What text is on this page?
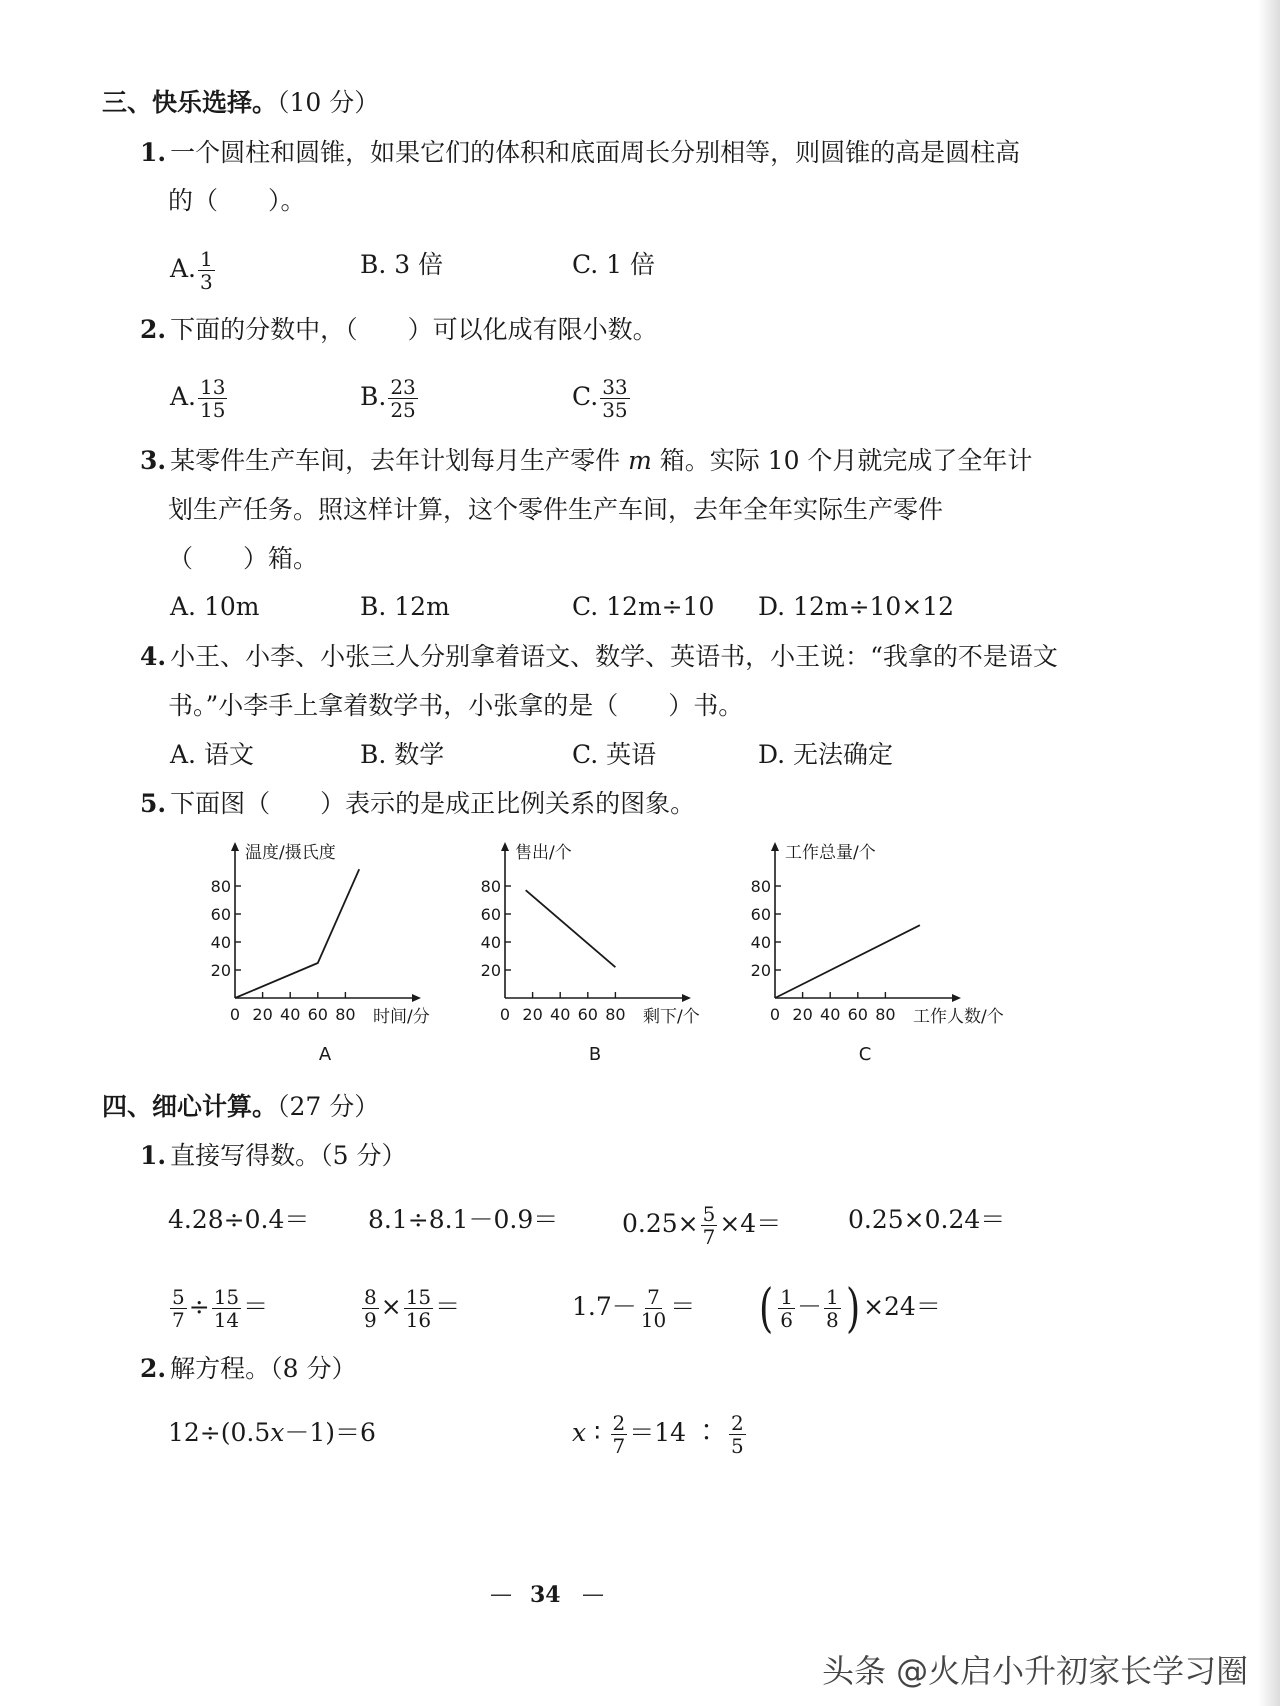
三、快乐选择。（10 分）
1. 一个圆柱和圆锥，如果它们的体积和底面周长分别相等，则圆锥的高是圆柱高
的（　　）。
A. $\frac{1}{3}$	B. 3 倍	C. 1 倍
2. 下面的分数中，（　　）可以化成有限小数。
A. $\frac{13}{15}$	B. $\frac{23}{25}$	C. $\frac{33}{35}$
3. 某零件生产车间，去年计划每月生产零件 m 箱。实际 10 个月就完成了全年计
划生产任务。照这样计算，这个零件生产车间，去年全年实际生产零件
（　　）箱。
A. 10m	B. 12m	C. 12m÷10 D. 12m÷10×12
4. 小王、小李、小张三人分别拿着语文、数学、英语书，小王说：“我拿的不是语文
书。”小李手上拿着数学书，小张拿的是（　　）书。
A. 语文	B. 数学	C. 英语	D. 无法确定
5. 下面图（　　）表示的是成正比例关系的图象。
0 20 40 60 80
20
40
60
80
温度/摄氏度
时间/分
A
0 20 40 60 80
20
40
60
80
售出/个
剩下/个
B
0 20 40 60 80
20
40
60
80
工作总量/个
工作人数/个
C
四、细心计算。（27 分）
1. 直接写得数。（5 分）
4.28÷0.4＝ 8.1÷8.1－0.9＝	$0.25\times \frac{5}{7} \times 4=$	0.25×0.24＝
$\frac{5}{7} \div \frac{15}{14}$ ＝	$\frac{8}{9} \times \frac{15}{16}$ ＝	$1.7- \frac{7}{10}$ ＝ ( $\frac{1}{6} - \frac{1}{8}$ ) ×24＝
2. 解方程。（8 分）
12÷(0.5x－1)＝6	x ∶ $\frac{2}{7} =14$ ∶ $\frac{2}{5}$
— 34 —
头条 @火启小升初家长学习圈
